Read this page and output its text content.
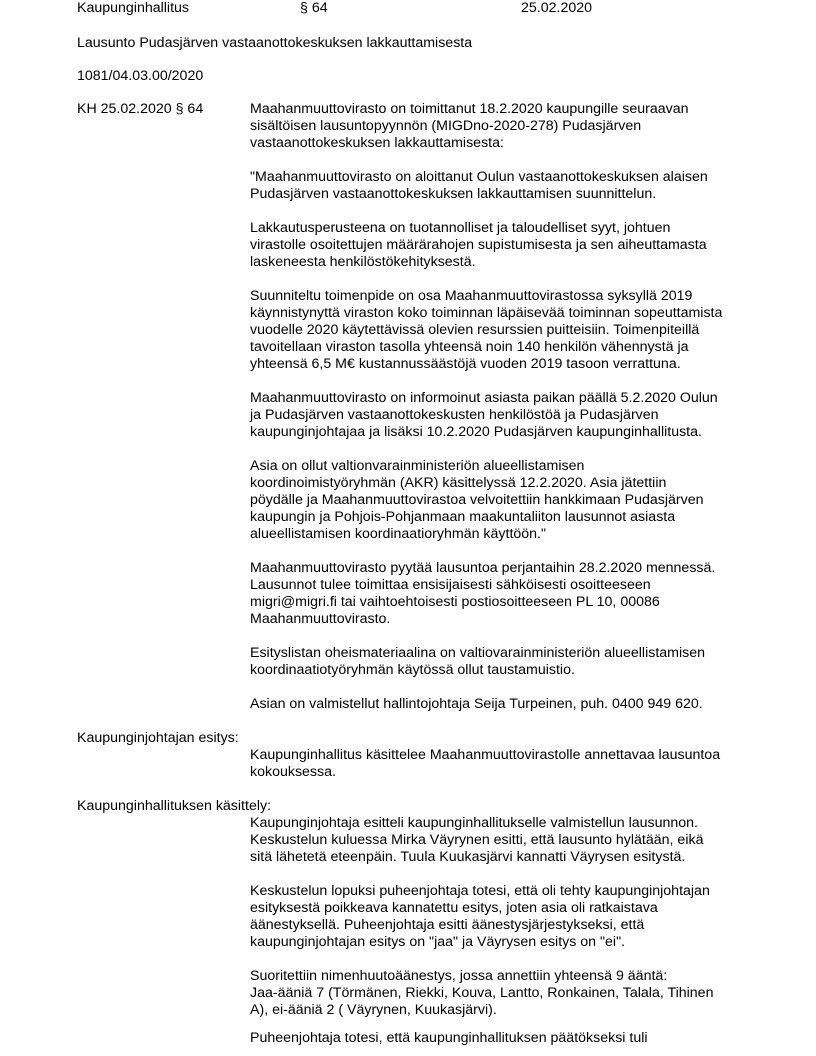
Kaupunginhallitus	§ 64	25.02.2020
Lausunto Pudasjärven vastaanottokeskuksen lakkauttamisesta
1081/04.03.00/2020
KH 25.02.2020 § 64	Maahanmuuttovirasto on toimittanut 18.2.2020 kaupungille seuraavan
sisältöisen lausuntopyynnön (MIGDno-2020-278) Pudasjärven
vastaanottokeskuksen lakkauttamisesta:
"Maahanmuuttovirasto on aloittanut Oulun vastaanottokeskuksen alaisen
Pudasjärven vastaanottokeskuksen lakkauttamisen suunnittelun.
Lakkautusperusteena on tuotannolliset ja taloudelliset syyt, johtuen
virastolle osoitettujen määrärahojen supistumisesta ja sen aiheuttamasta
laskeneesta henkilöstökehityksestä.
Suunniteltu toimenpide on osa Maahanmuuttovirastossa syksyllä 2019
käynnistynyttä viraston koko toiminnan läpäisevää toiminnan sopeuttamista
vuodelle 2020 käytettävissä olevien resurssien puitteisiin. Toimenpiteillä
tavoitellaan viraston tasolla yhteensä noin 140 henkilön vähennystä ja
yhteensä 6,5 M€ kustannussäästöjä vuoden 2019 tasoon verrattuna.
Maahanmuuttovirasto on informoinut asiasta paikan päällä 5.2.2020 Oulun
ja Pudasjärven vastaanottokeskusten henkilöstöä ja Pudasjärven
kaupunginjohtajaa ja lisäksi 10.2.2020 Pudasjärven kaupunginhallitusta.
Asia on ollut valtionvarainministeriön alueellistamisen
koordinoimistyöryhmän (AKR) käsittelyssä 12.2.2020. Asia jätettiin
pöydälle ja Maahanmuuttovirastoa velvoitettiin hankkimaan Pudasjärven
kaupungin ja Pohjois-Pohjanmaan maakuntaliiton lausunnot asiasta
alueellistamisen koordinaatioryhmän käyttöön."
Maahanmuuttovirasto pyytää lausuntoa perjantaihin 28.2.2020 mennessä.
Lausunnot tulee toimittaa ensisijaisesti sähköisesti osoitteeseen
migri@migri.fi tai vaihtoehtoisesti postiosoitteeseen PL 10, 00086
Maahanmuuttovirasto.
Esityslistan oheismateriaalina on valtiovarainministeriön alueellistamisen
koordinaatiotyöryhmän käytössä ollut taustamuistio.
Asian on valmistellut hallintojohtaja Seija Turpeinen, puh. 0400 949 620.
Kaupunginjohtajan esitys:
Kaupunginhallitus käsittelee Maahanmuuttovirastolle annettavaa lausuntoa
kokouksessa.
Kaupunginhallituksen käsittely:
Kaupunginjohtaja esitteli kaupunginhallitukselle valmistellun lausunnon.
Keskustelun kuluessa Mirka Väyrynen esitti, että lausunto hylätään, eikä
sitä lähetetä eteenpäin. Tuula Kuukasjärvi kannatti Väyrysen esitystä.
Keskustelun lopuksi puheenjohtaja totesi, että oli tehty kaupunginjohtajan
esityksestä poikkeava kannatettu esitys, joten asia oli ratkaistava
äänestyksellä. Puheenjohtaja esitti äänestysjärjestykseksi, että
kaupunginjohtajan esitys on "jaa" ja Väyrysen esitys on "ei".
Suoritettiin nimenhuutoäänestys, jossa annettiin yhteensä 9 ääntä:
Jaa-ääniä 7 (Törmänen, Riekki, Kouva, Lantto, Ronkainen, Talala, Tihinen
A), ei-ääniä 2 ( Väyrynen, Kuukasjärvi).
Puheenjohtaja totesi, että kaupunginhallituksen päätökseksi tuli
